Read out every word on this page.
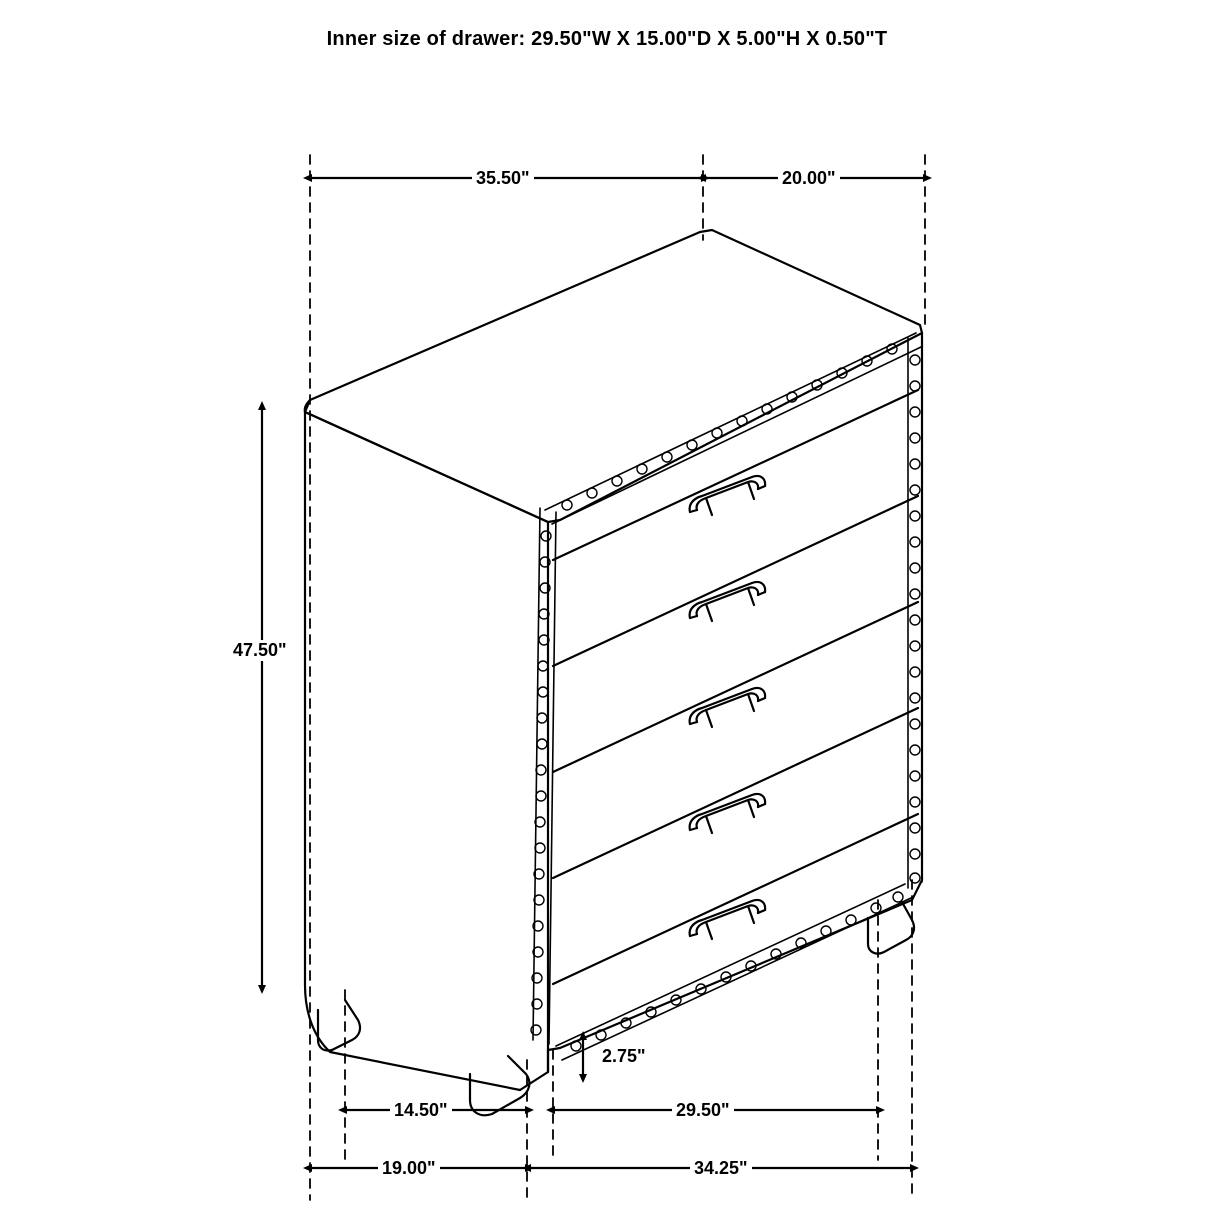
Inner size of drawer: 29.50"W X 15.00"D X 5.00"H X 0.50"T
35.50"	20.00"
47.50"
14.50"	29.50"
2.75"
19.00"	34.25"
